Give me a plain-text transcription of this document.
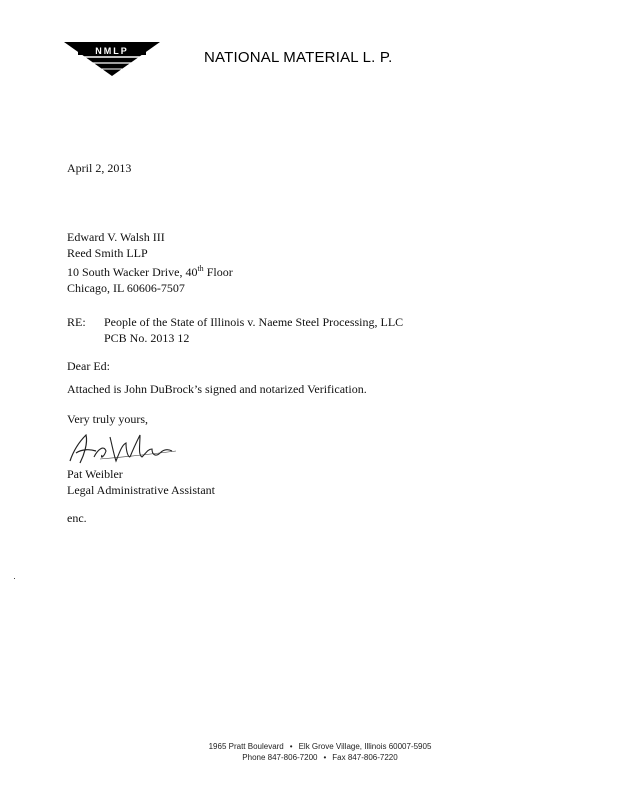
NMLP	NATIONAL MATERIAL L. P.
April 2, 2013
Edward V. Walsh III
Reed Smith LLP
10 South Wacker Drive, 40th Floor
Chicago, IL 60606-7507
RE: People of the State of Illinois v. Naeme Steel Processing, LLC
PCB No. 2013 12
Dear Ed:
Attached is John DuBrock’s signed and notarized Verification.
Very truly yours,
Pat Weibler
Legal Administrative Assistant
enc.
1965 Pratt Boulevard • Elk Grove Village, Illinois 60007-5905
Phone 847-806-7200 • Fax 847-806-7220
